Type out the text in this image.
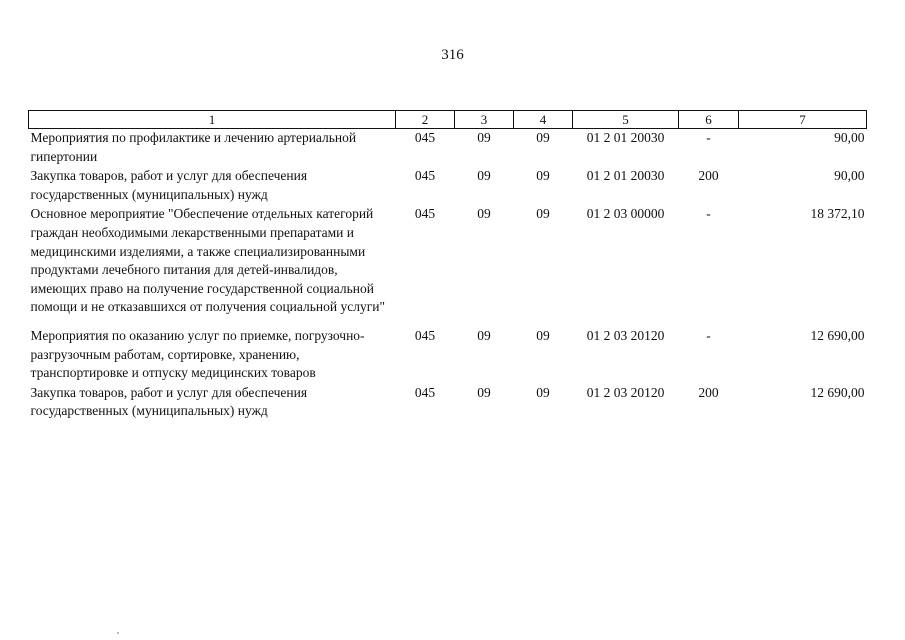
316
1	2	3	4	5	6	7
Мероприятия по профилактике и лечению артериальной гипертонии	045	09	09	01 2 01 20030	-	90,00
Закупка товаров, работ и услуг для обеспечения государственных (муниципальных) нужд	045	09	09	01 2 01 20030	200	90,00
Основное мероприятие "Обеспечение отдельных категорий граждан необходимыми лекарственными препаратами и медицинскими изделиями, а также специализированными продуктами лечебного питания для детей-инвалидов, имеющих право на получение государственной социальной помощи и не отказавшихся от получения социальной услуги"	045	09	09	01 2 03 00000	-	18 372,10
Мероприятия по оказанию услуг по приемке, погрузочно-разгрузочным работам, сортировке, хранению, транспортировке и отпуску медицинских товаров	045	09	09	01 2 03 20120	-	12 690,00
Закупка товаров, работ и услуг для обеспечения государственных (муниципальных) нужд	045	09	09	01 2 03 20120	200	12 690,00
